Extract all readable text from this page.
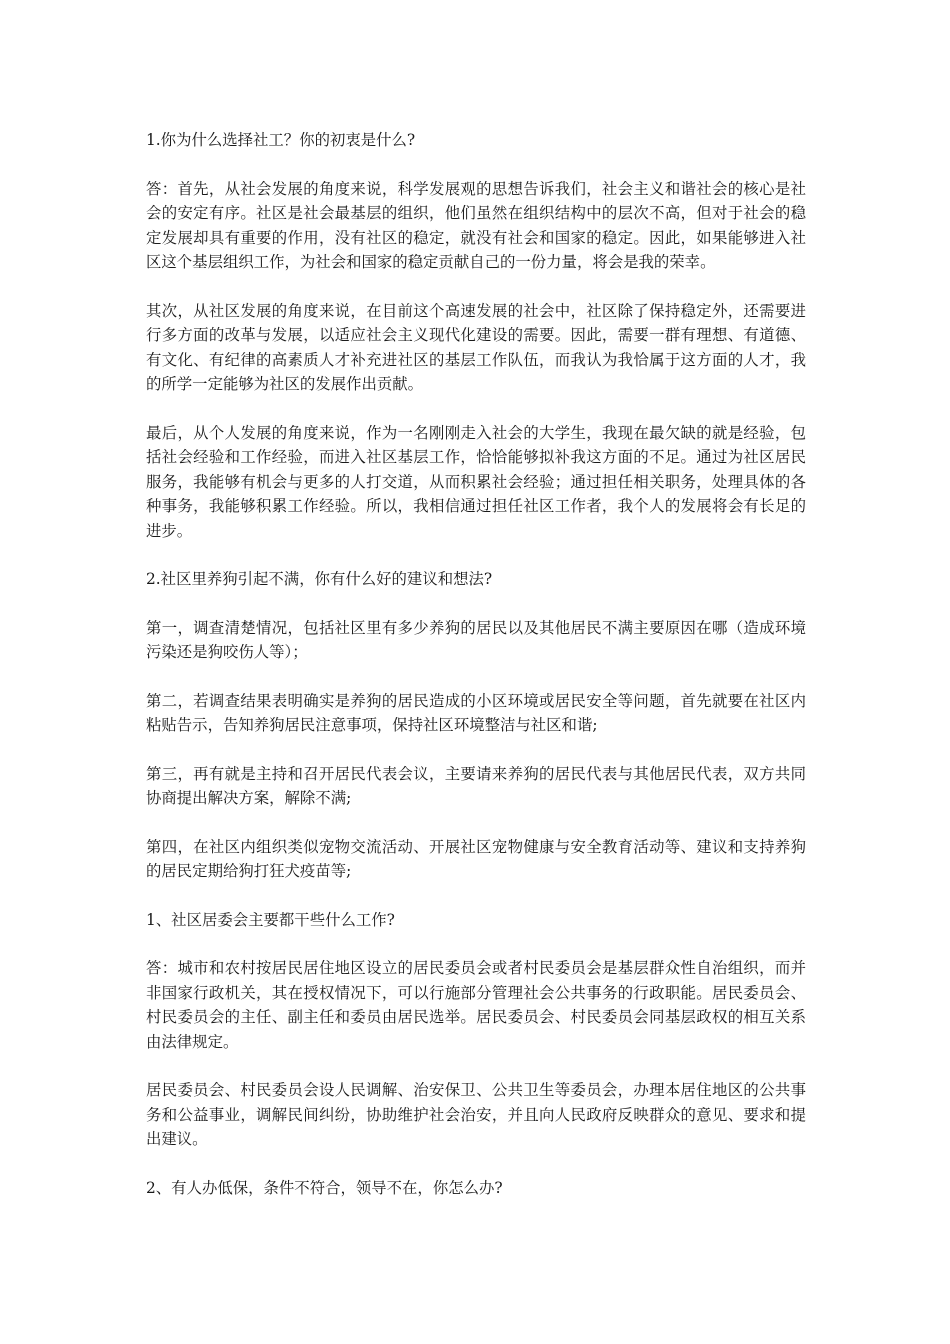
1.你为什么选择社工？你的初衷是什么?

答：首先，从社会发展的角度来说，科学发展观的思想告诉我们，社会主义和谐社会的核心是社会的安定有序。社区是社会最基层的组织，他们虽然在组织结构中的层次不高，但对于社会的稳定发展却具有重要的作用，没有社区的稳定，就没有社会和国家的稳定。因此，如果能够进入社区这个基层组织工作，为社会和国家的稳定贡献自己的一份力量，将会是我的荣幸。

其次，从社区发展的角度来说，在目前这个高速发展的社会中，社区除了保持稳定外，还需要进行多方面的改革与发展，以适应社会主义现代化建设的需要。因此，需要一群有理想、有道德、有文化、有纪律的高素质人才补充进社区的基层工作队伍，而我认为我恰属于这方面的人才，我的所学一定能够为社区的发展作出贡献。

最后，从个人发展的角度来说，作为一名刚刚走入社会的大学生，我现在最欠缺的就是经验，包括社会经验和工作经验，而进入社区基层工作，恰恰能够拟补我这方面的不足。通过为社区居民服务，我能够有机会与更多的人打交道，从而积累社会经验；通过担任相关职务，处理具体的各种事务，我能够积累工作经验。所以，我相信通过担任社区工作者，我个人的发展将会有长足的进步。

2.社区里养狗引起不满，你有什么好的建议和想法?

第一，调查清楚情况，包括社区里有多少养狗的居民以及其他居民不满主要原因在哪（造成环境污染还是狗咬伤人等）；

第二，若调查结果表明确实是养狗的居民造成的小区环境或居民安全等问题，首先就要在社区内粘贴告示，告知养狗居民注意事项，保持社区环境整洁与社区和谐;

第三，再有就是主持和召开居民代表会议，主要请来养狗的居民代表与其他居民代表，双方共同协商提出解决方案，解除不满;

第四，在社区内组织类似宠物交流活动、开展社区宠物健康与安全教育活动等、建议和支持养狗的居民定期给狗打狂犬疫苗等;

1、社区居委会主要都干些什么工作?

答：城市和农村按居民居住地区设立的居民委员会或者村民委员会是基层群众性自治组织，而并非国家行政机关，其在授权情况下，可以行施部分管理社会公共事务的行政职能。居民委员会、村民委员会的主任、副主任和委员由居民选举。居民委员会、村民委员会同基层政权的相互关系由法律规定。

居民委员会、村民委员会设人民调解、治安保卫、公共卫生等委员会，办理本居住地区的公共事务和公益事业，调解民间纠纷，协助维护社会治安，并且向人民政府反映群众的意见、要求和提出建议。

2、有人办低保，条件不符合，领导不在，你怎么办?
